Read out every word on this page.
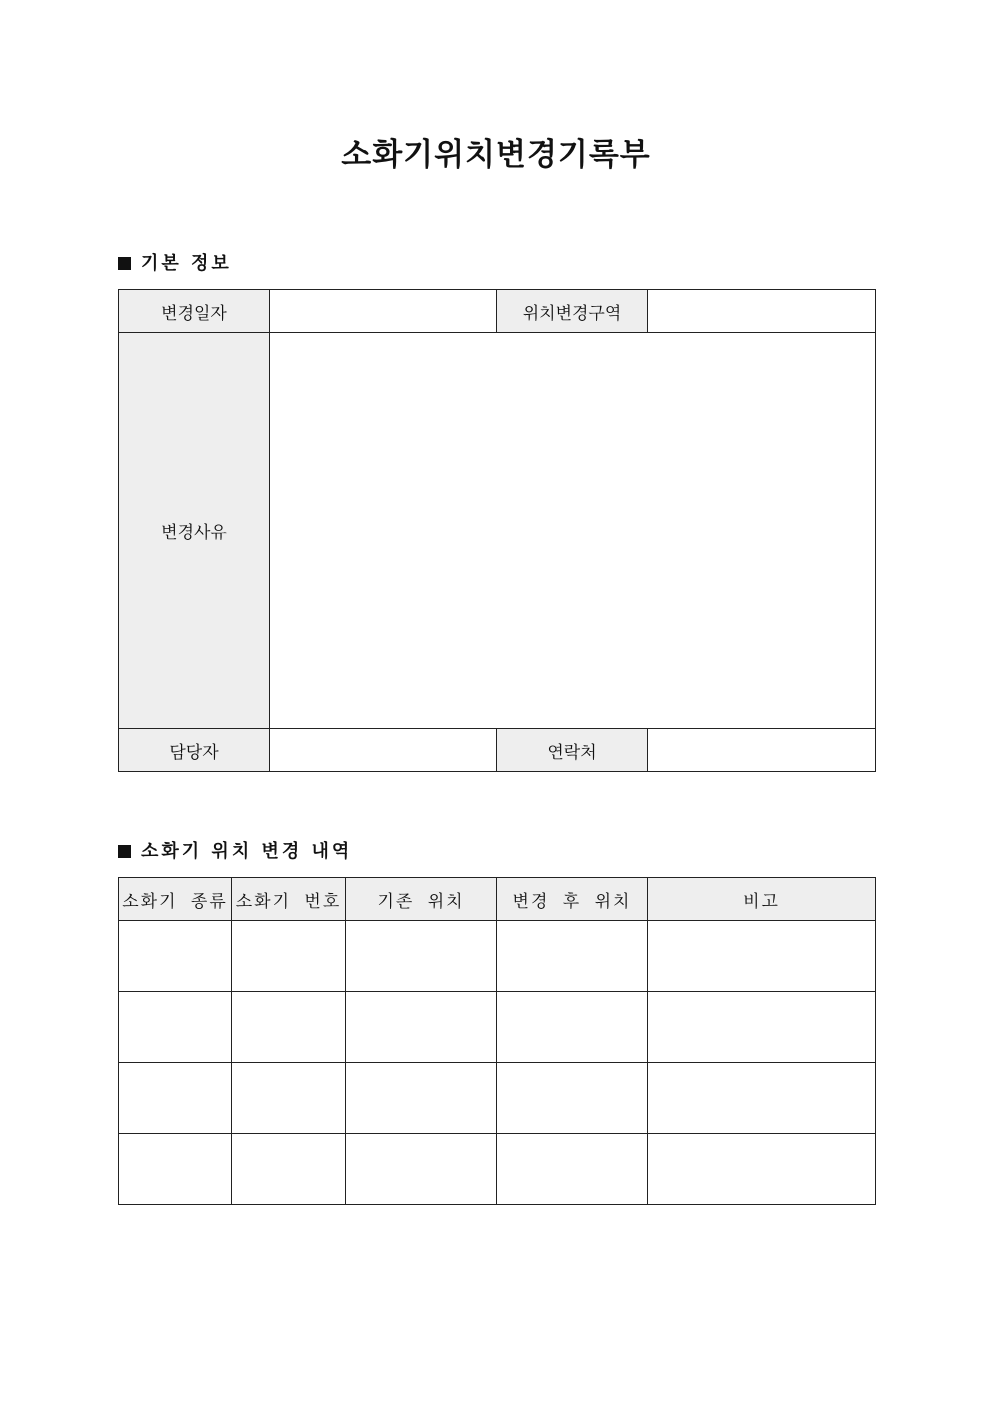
소화기위치변경기록부
기본 정보
변경일자		위치변경구역	
변경사유			
담당자		연락처	
소화기 위치 변경 내역
소화기 종류	소화기 번호	기존 위치	변경 후 위치	비고
